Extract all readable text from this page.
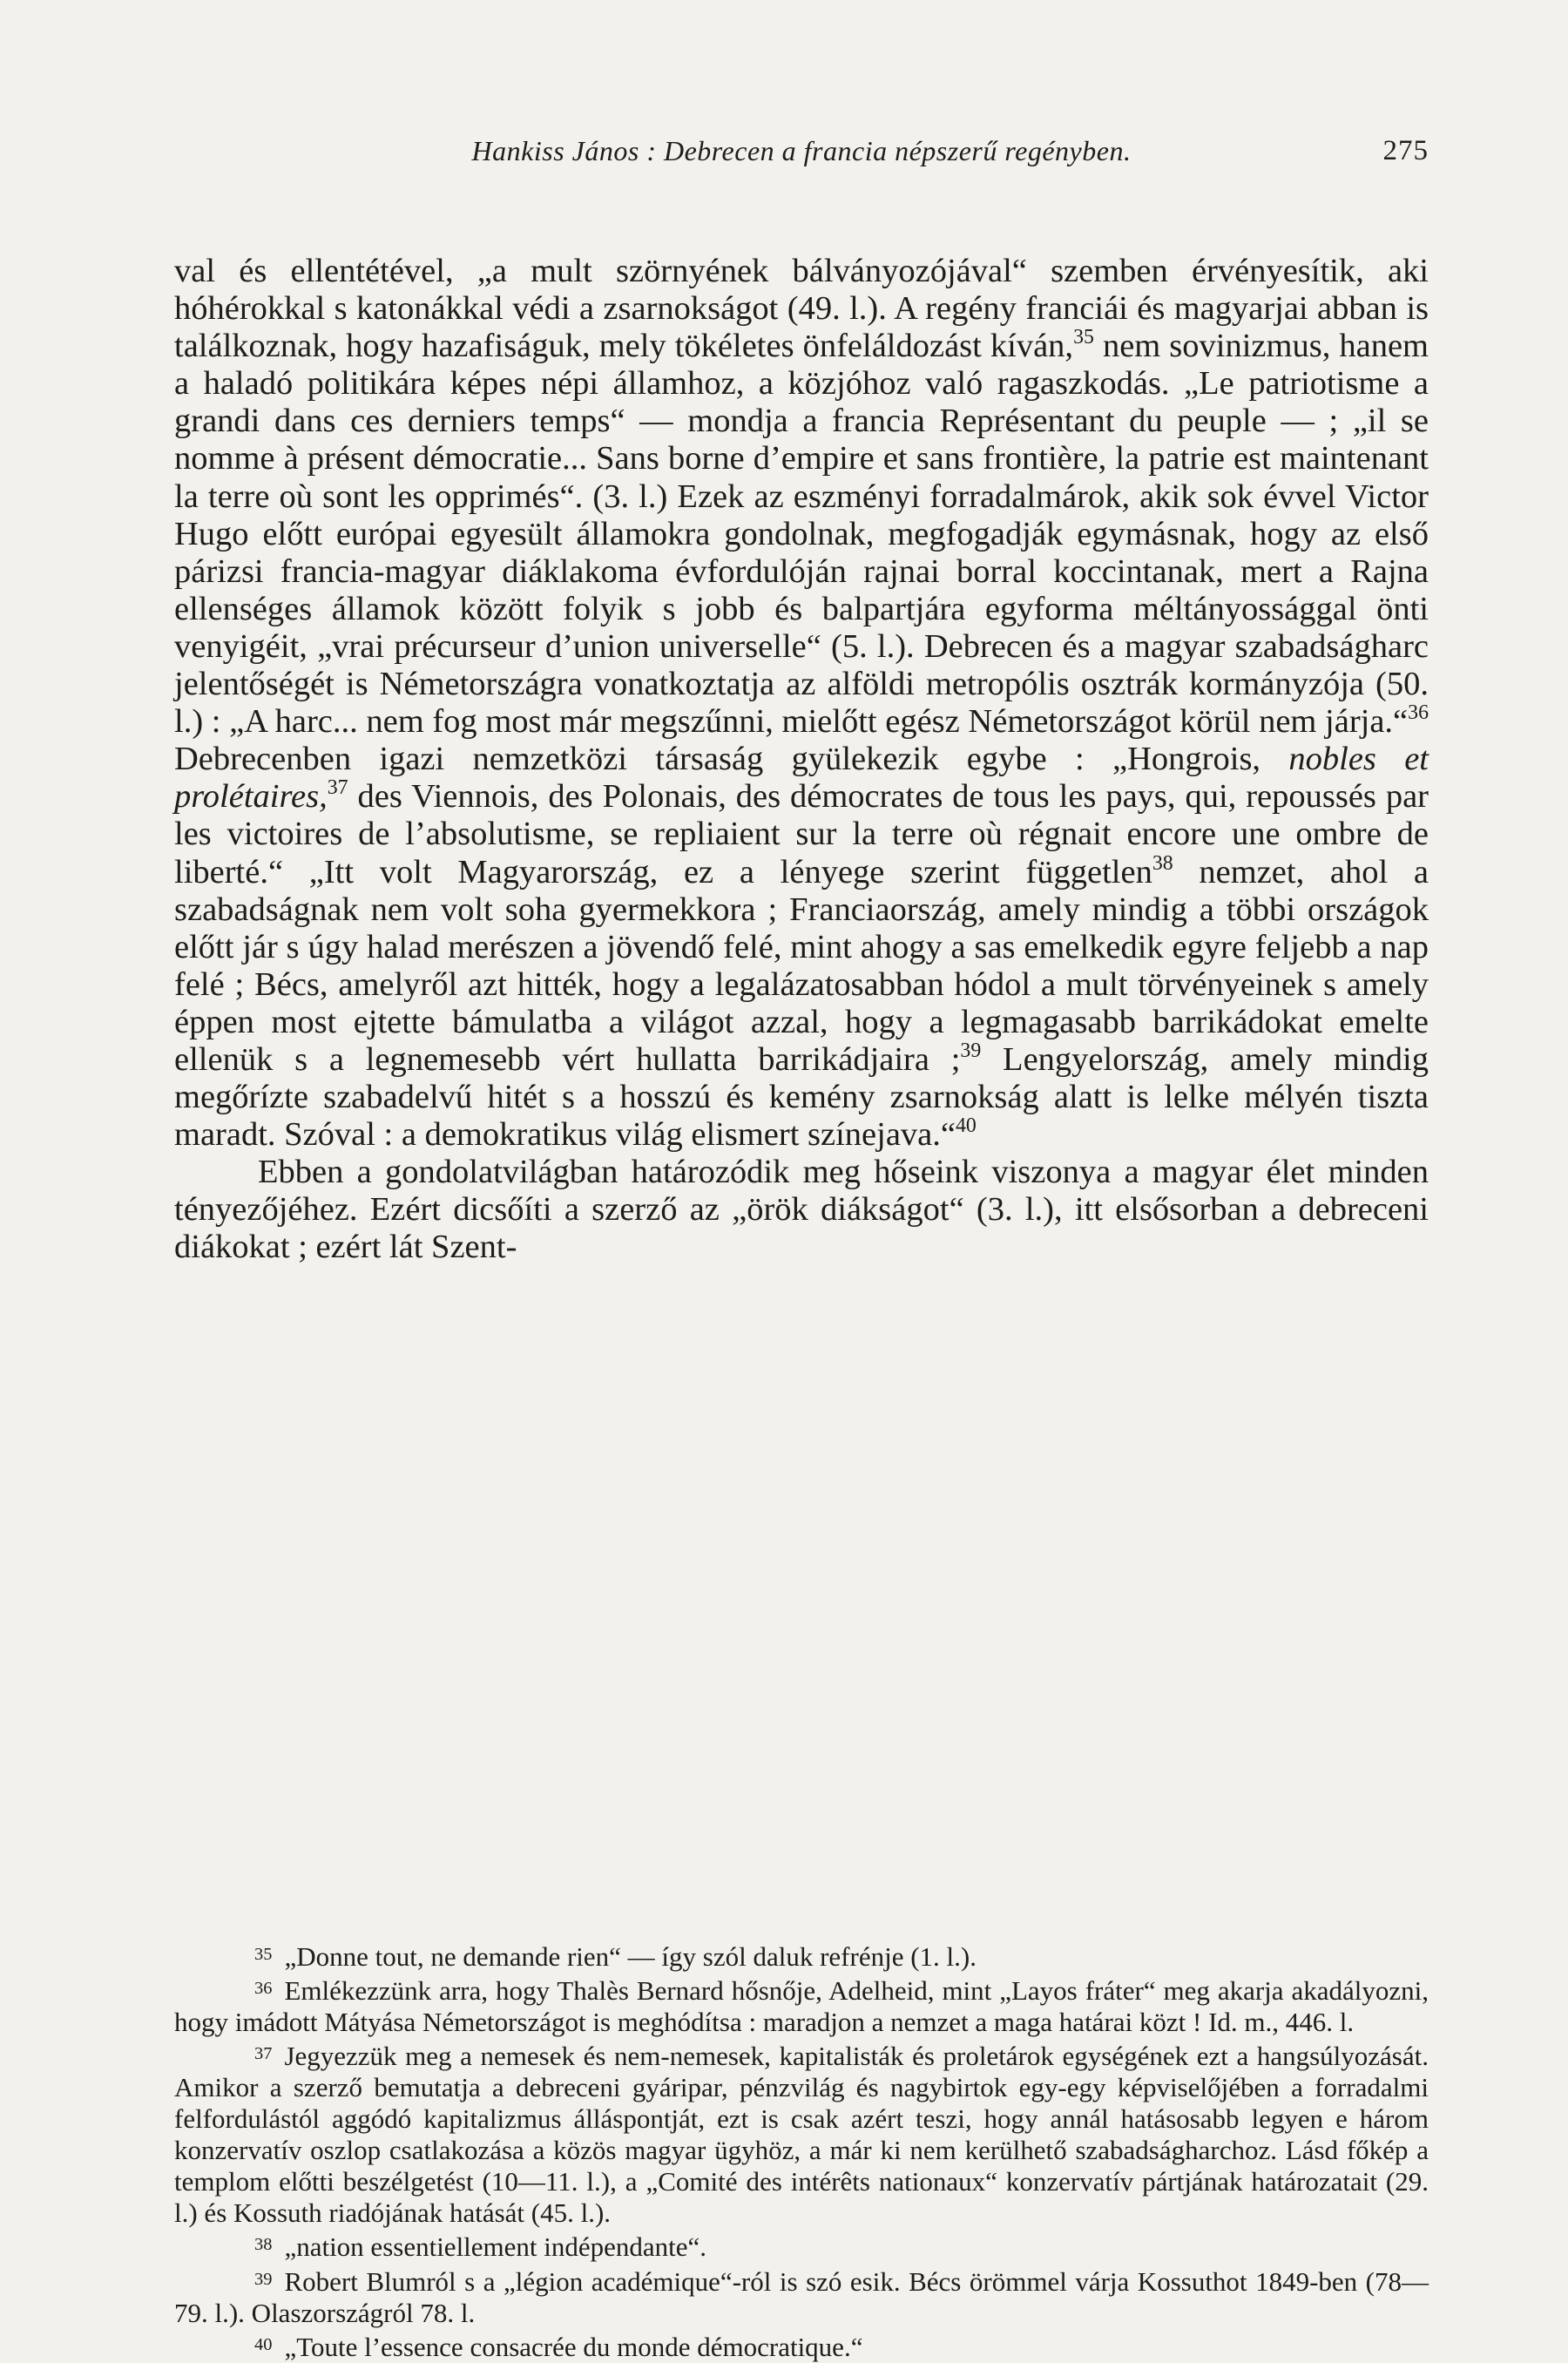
Hankiss János : Debrecen a francia népszerű regényben.	275

val és ellentétével, „a mult szörnyének bálványozójával“ szemben érvényesítik, aki hóhérokkal s katonákkal védi a zsarnokságot (49. l.). A regény franciái és magyarjai abban is találkoznak, hogy hazafiságuk, mely tökéletes önfeláldozást kíván,$^{35}$ nem sovinizmus, hanem a haladó politikára képes népi államhoz, a közjóhoz való ragaszkodás. „Le patriotisme a grandi dans ces derniers temps“ — mondja a francia Représentant du peuple — ; „il se nomme à présent démocratie... Sans borne d’empire et sans frontière, la patrie est maintenant la terre où sont les opprimés“. (3. l.) Ezek az eszményi forradalmárok, akik sok évvel Victor Hugo előtt európai egyesült államokra gondolnak, megfogadják egymásnak, hogy az első párizsi francia-magyar diáklakoma évfordulóján rajnai borral koccintanak, mert a Rajna ellenséges államok között folyik s jobb és balpartjára egyforma méltányossággal önti venyigéit, „vrai précurseur d’union universelle“ (5. l.). Debrecen és a magyar szabadságharc jelentőségét is Németországra vonatkoztatja az alföldi metropólis osztrák kormányzója (50. l.) : „A harc... nem fog most már megszűnni, mielőtt egész Németországot körül nem járja.“$^{36}$ Debrecenben igazi nemzetközi társaság gyülekezik egybe : „Hongrois, nobles et prolétaires,$^{37}$ des Viennois, des Polonais, des démocrates de tous les pays, qui, repoussés par les victoires de l’absolutisme, se repliaient sur la terre où régnait encore une ombre de liberté.“ „Itt volt Magyarország, ez a lényege szerint független$^{38}$ nemzet, ahol a szabadságnak nem volt soha gyermekkora ; Franciaország, amely mindig a többi országok előtt jár s úgy halad merészen a jövendő felé, mint ahogy a sas emelkedik egyre feljebb a nap felé ; Bécs, amelyről azt hitték, hogy a legalázatosabban hódol a mult törvényeinek s amely éppen most ejtette bámulatba a világot azzal, hogy a legmagasabb barrikádokat emelte ellenük s a legnemesebb vért hullatta barrikádjaira ;$^{39}$ Lengyelország, amely mindig megőrízte szabadelvű hitét s a hosszú és kemény zsarnokság alatt is lelke mélyén tiszta maradt. Szóval : a demokratikus világ elismert színejava.“$^{40}$

Ebben a gondolatvilágban határozódik meg hőseink viszonya a magyar élet minden tényezőjéhez. Ezért dicsőíti a szerző az „örök diákságot“ (3. l.), itt elsősorban a debreceni diákokat ; ezért lát Szent-

$^{35}$ „Donne tout, ne demande rien“ — így szól daluk refrénje (1. l.).

$^{36}$ Emlékezzünk arra, hogy Thalès Bernard hősnője, Adelheid, mint „Layos fráter“ meg akarja akadályozni, hogy imádott Mátyása Németországot is meghódítsa : maradjon a nemzet a maga határai közt ! Id. m., 446. l.

$^{37}$ Jegyezzük meg a nemesek és nem-nemesek, kapitalisták és proletárok egységének ezt a hangsúlyozását. Amikor a szerző bemutatja a debreceni gyáripar, pénzvilág és nagybirtok egy-egy képviselőjében a forradalmi felfordulástól aggódó kapitalizmus álláspontját, ezt is csak azért teszi, hogy annál hatásosabb legyen e három konzervatív oszlop csatlakozása a közös magyar ügyhöz, a már ki nem kerülhető szabadságharchoz. Lásd főkép a templom előtti beszélgetést (10—11. l.), a „Comité des intérêts nationaux“ konzervatív pártjának határozatait (29. l.) és Kossuth riadójának hatását (45. l.).

$^{38}$ „nation essentiellement indépendante“.

$^{39}$ Robert Blumról s a „légion académique“-ról is szó esik. Bécs örömmel várja Kossuthot 1849-ben (78—79. l.). Olaszországról 78. l.

$^{40}$ „Toute l’essence consacrée du monde démocratique.“
